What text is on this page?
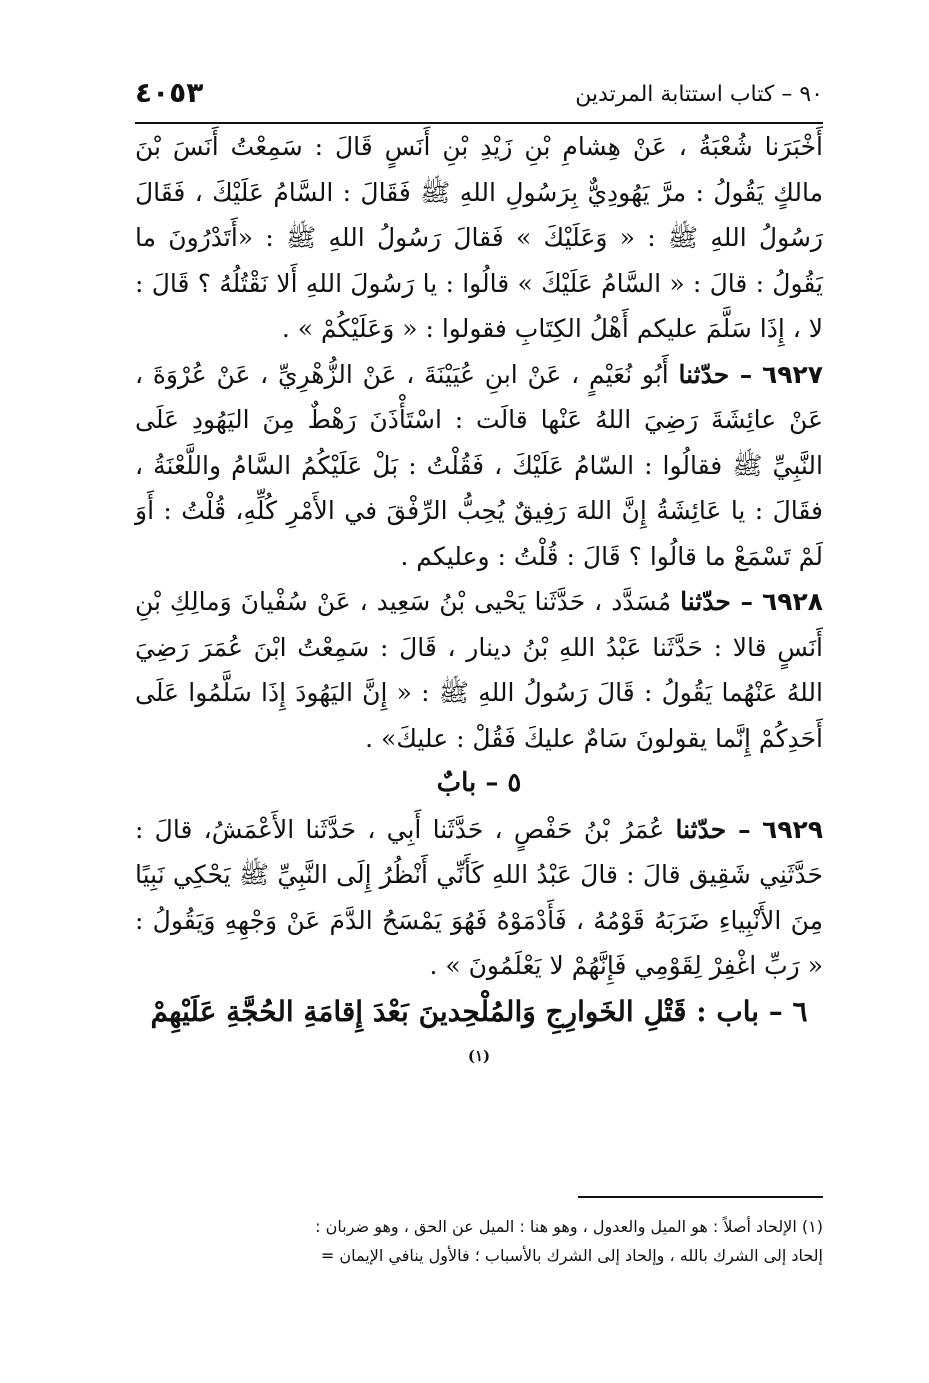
٩٠ – كتاب استتابة المرتدين
٤٠٥٣

أَخْبَرَنا شُعْبَةُ ، عَنْ هِشامِ بْنِ زَيْدِ بْنِ أَنَسٍ قَالَ : سَمِعْتُ أَنَسَ بْنَ مالكٍ يَقُولُ : مرَّ يَهُودِيٌّ بِرَسُولِ اللهِ ﷺ فَقَالَ : السَّامُ عَلَيْكَ ، فَقَالَ رَسُولُ اللهِ ﷺ : « وَعَلَيْكَ » فَقالَ رَسُولُ اللهِ ﷺ : «أَتَدْرُونَ ما يَقُولُ : قالَ : « السَّامُ عَلَيْكَ » قالُوا : يا رَسُولَ اللهِ أَلا نَقْتُلُهُ ؟ قَالَ : لا ، إِذَا سَلَّمَ عليكم أَهْلُ الكِتَابِ فقولوا : « وَعَلَيْكُمْ » .

٦٩٢٧ – حدّثنا أَبُو نُعَيْمٍ ، عَنْ ابنِ عُيَيْنَةَ ، عَنْ الزُّهْرِيِّ ، عَنْ عُرْوَةَ ، عَنْ عائِشَةَ رَضِيَ اللهُ عَنْها قالَت : اسْتَأْذَنَ رَهْطٌ مِنَ اليَهُودِ عَلَى النَّبِيِّ ﷺ فقالُوا : السّامُ عَلَيْكَ ، فَقُلْتُ : بَلْ عَلَيْكُمُ السَّامُ واللَّعْنَةُ ، فقَالَ : يا عَائِشَةُ إِنَّ اللهَ رَفِيقٌ يُحِبُّ الرِّفْقَ في الأَمْرِ كُلِّهِ، قُلْتُ : أَوَ لَمْ تَسْمَعْ ما قالُوا ؟ قَالَ : قُلْتُ : وعليكم .

٦٩٢٨ – حدّثنا مُسَدَّد ، حَدَّثَنا يَحْيى بْنُ سَعِيد ، عَنْ سُفْيانَ وَمالِكِ بْنِ أَنَسٍ قالا : حَدَّثَنا عَبْدُ اللهِ بْنُ دينار ، قَالَ : سَمِعْتُ ابْنَ عُمَرَ رَضِيَ اللهُ عَنْهُما يَقُولُ : قَالَ رَسُولُ اللهِ ﷺ : « إِنَّ اليَهُودَ إِذَا سَلَّمُوا عَلَى أَحَدِكُمْ إِنَّما يقولونَ سَامٌ عليكَ فَقُلْ : عليكَ» .

٥ – بابٌ

٦٩٢٩ – حدّثنا عُمَرُ بْنُ حَفْصٍ ، حَدَّثَنا أَبِي ، حَدَّثَنا الأَعْمَشُ، قالَ : حَدَّثَنِي شَقِيق قالَ : قالَ عَبْدُ اللهِ كَأَنِّي أَنْظُرُ إِلَى النَّبِيِّ ﷺ يَحْكِي نَبِيًا مِنَ الأَنْبِياءِ ضَرَبَهُ قَوْمُهُ ، فَأَدْمَوْهُ فَهُوَ يَمْسَحُ الدَّمَ عَنْ وَجْهِهِ وَيَقُولُ : « رَبِّ اغْفِرْ لِقَوْمِي فَإِنَّهُمْ لا يَعْلَمُونَ » .

٦ – باب : قَتْلِ الخَوارِجِ وَالمُلْحِدينَ بَعْدَ إِقامَةِ الحُجَّةِ عَلَيْهِمْ $^{(١)}$

(١) الإلحاد أصلاً : هو الميل والعدول ، وهو هنا : الميل عن الحق ، وهو ضربان :

إلحاد إلى الشرك بالله ، وإلحاد إلى الشرك بالأسباب ؛ فالأول ينافي الإيمان =
